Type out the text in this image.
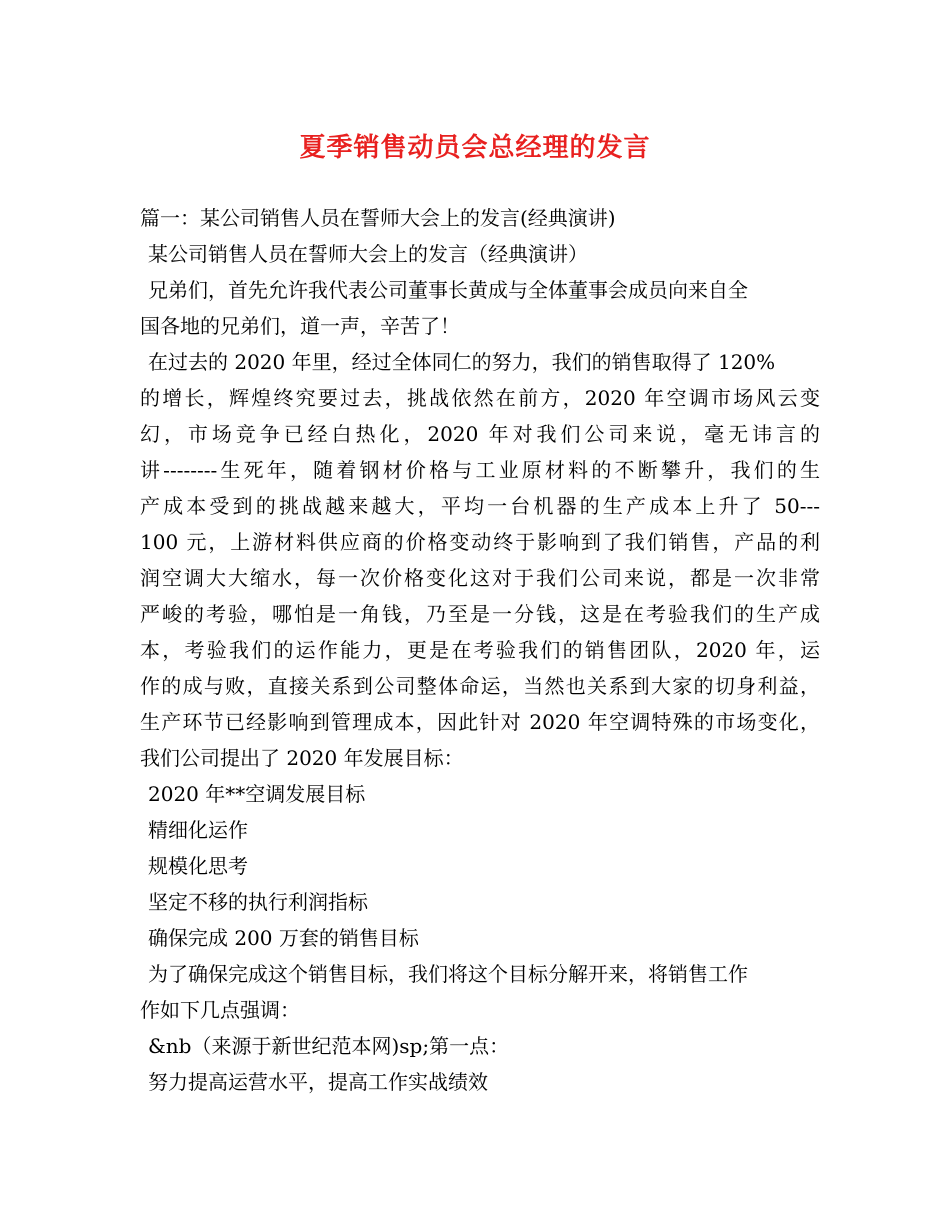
夏季销售动员会总经理的发言
篇一：某公司销售人员在誓师大会上的发言(经典演讲)
某公司销售人员在誓师大会上的发言（经典演讲）
兄弟们，首先允许我代表公司董事长黄成与全体董事会成员向来自全
国各地的兄弟们，道一声，辛苦了！
在过去的 2020 年里，经过全体同仁的努力，我们的销售取得了 120%
的增长，辉煌终究要过去，挑战依然在前方，2020 年空调市场风云变
幻，市场竞争已经白热化，2020 年对我们公司来说，毫无讳言的
讲--------生死年，随着钢材价格与工业原材料的不断攀升，我们的生
产成本受到的挑战越来越大，平均一台机器的生产成本上升了 50---
100 元，上游材料供应商的价格变动终于影响到了我们销售，产品的利
润空调大大缩水，每一次价格变化这对于我们公司来说，都是一次非常
严峻的考验，哪怕是一角钱，乃至是一分钱，这是在考验我们的生产成
本，考验我们的运作能力，更是在考验我们的销售团队，2020 年，运
作的成与败，直接关系到公司整体命运，当然也关系到大家的切身利益，
生产环节已经影响到管理成本，因此针对 2020 年空调特殊的市场变化，
我们公司提出了 2020 年发展目标：
2020 年**空调发展目标
精细化运作
规模化思考
坚定不移的执行利润指标
确保完成 200 万套的销售目标
为了确保完成这个销售目标，我们将这个目标分解开来，将销售工作
作如下几点强调：
&nb（来源于新世纪范本网)sp;第一点：
努力提高运营水平，提高工作实战绩效
